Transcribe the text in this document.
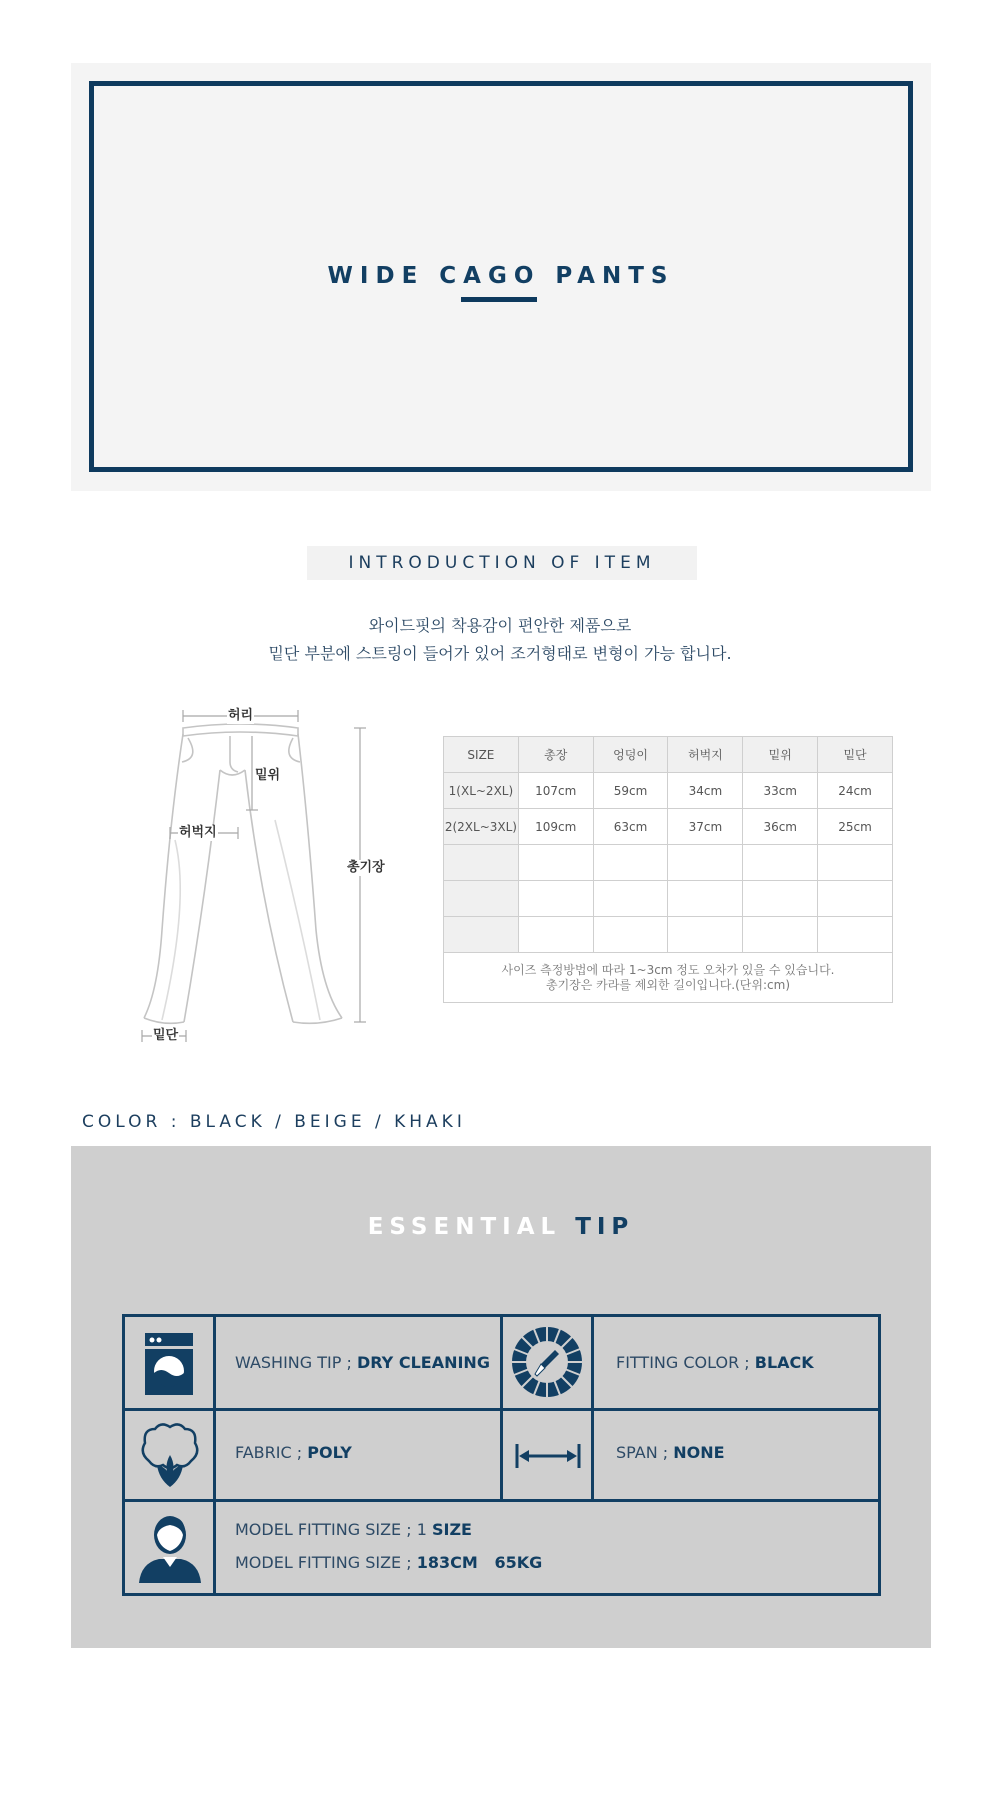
WIDE CAGO PANTS
INTRODUCTION OF ITEM
와이드핏의 착용감이 편안한 제품으로
밑단 부분에 스트링이 들어가 있어 조거형태로 변형이 가능 합니다.
허리
밑위
허벅지
총기장
밑단
SIZE	총장	엉덩이	허벅지	밑위	밑단
1(XL~2XL)	107cm	59cm	34cm	33cm	24cm
2(2XL~3XL)	109cm	63cm	37cm	36cm	25cm

사이즈 측정방법에 따라 1~3cm 정도 오차가 있을 수 있습니다.
총기장은 카라를 제외한 길이입니다.(단위:cm)					
COLOR : BLACK / BEIGE / KHAKI
ESSENTIAL TIP
WASHING TIP ; DRY CLEANING	FITTING COLOR ; BLACK
FABRIC ; POLY	SPAN ; NONE
MODEL FITTING SIZE ; 1 SIZE
MODEL FITTING SIZE ; 183CM   65KG
